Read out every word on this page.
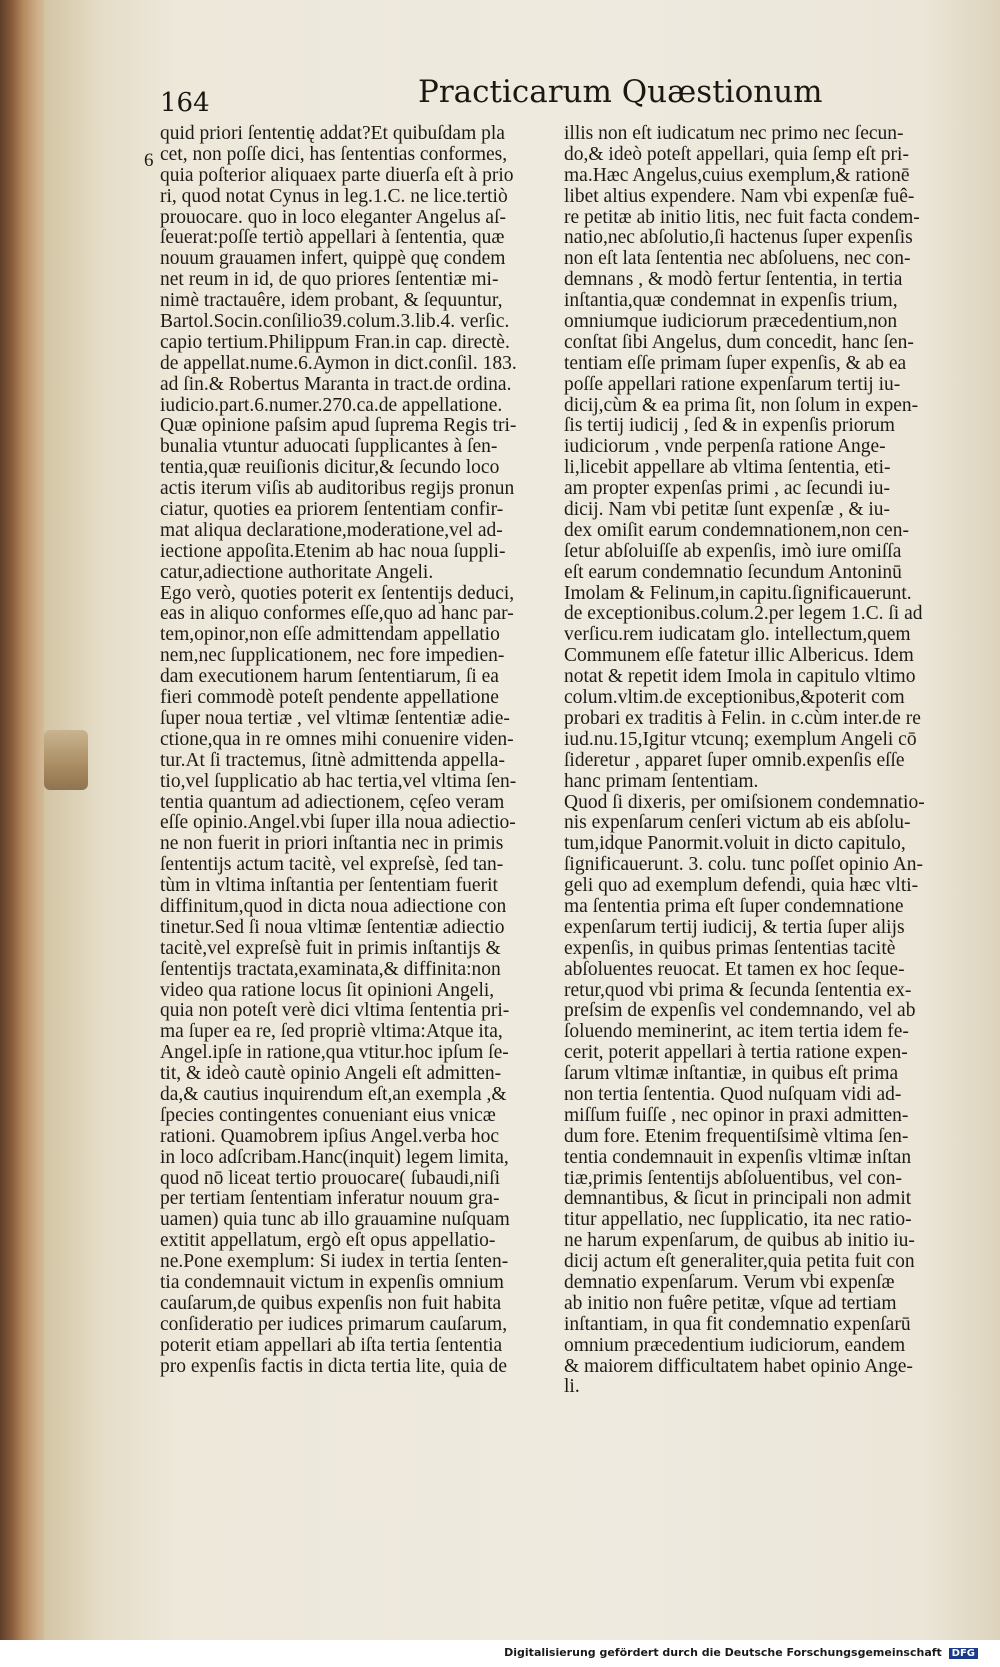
164	Practicarum Quæstionum
6
quid priori ſententię addat?Et quibuſdam pla
cet, non poſſe dici, has ſententias conformes,
quia poſterior aliquaex parte diuerſa eſt à prio
ri, quod notat Cynus in leg.1.C. ne lice.tertiò
prouocare. quo in loco eleganter Angelus aſ-
ſeuerat:poſſe tertiò appellari à ſententia, quæ
nouum grauamen infert, quippè quę condem
net reum in id, de quo priores ſententiæ mi-
nimè tractauêre, idem probant, & ſequuntur,
Bartol.Socin.conſilio39.colum.3.lib.4. verſic.
capio tertium.Philippum Fran.in cap. directè.
de appellat.nume.6.Aymon in dict.conſil. 183.
ad ſin.& Robertus Maranta in tract.de ordina.
iudicio.part.6.numer.270.ca.de appellatione.
Quæ opinione paſsim apud ſuprema Regis tri-
bunalia vtuntur aduocati ſupplicantes à ſen-
tentia,quæ reuiſionis dicitur,& ſecundo loco
actis iterum viſis ab auditoribus regijs pronun
ciatur, quoties ea priorem ſententiam confir-
mat aliqua declaratione,moderatione,vel ad-
iectione appoſita.Etenim ab hac noua ſuppli-
catur,adiectione authoritate Angeli.
Ego verò, quoties poterit ex ſententijs deduci,
eas in aliquo conformes eſſe,quo ad hanc par-
tem,opinor,non eſſe admittendam appellatio
nem,nec ſupplicationem, nec fore impedien-
dam executionem harum ſententiarum, ſi ea
fieri commodè poteſt pendente appellatione
ſuper noua tertiæ , vel vltimæ ſententiæ adie-
ctione,qua in re omnes mihi conuenire viden-
tur.At ſi tractemus, ſitnè admittenda appella-
tio,vel ſupplicatio ab hac tertia,vel vltima ſen-
tentia quantum ad adiectionem, cęſeo veram
eſſe opinio.Angel.vbi ſuper illa noua adiectio-
ne non fuerit in priori inſtantia nec in primis
ſententijs actum tacitè, vel expreſsè, ſed tan-
tùm in vltima inſtantia per ſententiam fuerit
diffinitum,quod in dicta noua adiectione con
tinetur.Sed ſi noua vltimæ ſententiæ adiectio
tacitè,vel expreſsè fuit in primis inſtantijs &
ſententijs tractata,examinata,& diffinita:non
video qua ratione locus ſit opinioni Angeli,
quia non poteſt verè dici vltima ſententia pri-
ma ſuper ea re, ſed propriè vltima:Atque ita,
Angel.ipſe in ratione,qua vtitur.hoc ipſum ſe-
tit, & ideò cautè opinio Angeli eſt admitten-
da,& cautius inquirendum eſt,an exempla ,&
ſpecies contingentes conueniant eius vnicæ
rationi. Quamobrem ipſius Angel.verba hoc
in loco adſcribam.Hanc(inquit) legem limita,
quod nō liceat tertio prouocare( ſubaudi,niſi
per tertiam ſententiam inferatur nouum gra-
uamen) quia tunc ab illo grauamine nuſquam
extitit appellatum, ergò eſt opus appellatio-
ne.Pone exemplum: Si iudex in tertia ſenten-
tia condemnauit victum in expenſis omnium
cauſarum,de quibus expenſis non fuit habita
conſideratio per iudices primarum cauſarum,
poterit etiam appellari ab iſta tertia ſententia
pro expenſis factis in dicta tertia lite, quia de
illis non eſt iudicatum nec primo nec ſecun-
do,& ideò poteſt appellari, quia ſemp eſt pri-
ma.Hæc Angelus,cuius exemplum,& rationē
libet altius expendere. Nam vbi expenſæ fuê-
re petitæ ab initio litis, nec fuit facta condem-
natio,nec abſolutio,ſi hactenus ſuper expenſis
non eſt lata ſententia nec abſoluens, nec con-
demnans , & modò fertur ſententia, in tertia
inſtantia,quæ condemnat in expenſis trium,
omniumque iudiciorum præcedentium,non
conſtat ſibi Angelus, dum concedit, hanc ſen-
tentiam eſſe primam ſuper expenſis, & ab ea
poſſe appellari ratione expenſarum tertij iu-
dicij,cùm & ea prima ſit, non ſolum in expen-
ſis tertij iudicij , ſed & in expenſis priorum
iudiciorum , vnde perpenſa ratione Ange-
li,licebit appellare ab vltima ſententia, eti-
am propter expenſas primi , ac ſecundi iu-
dicij. Nam vbi petitæ ſunt expenſæ , & iu-
dex omiſit earum condemnationem,non cen-
ſetur abſoluiſſe ab expenſis, imò iure omiſſa
eſt earum condemnatio ſecundum Antoninū
Imolam & Felinum,in capitu.ſignificauerunt.
de exceptionibus.colum.2.per legem 1.C. ſi ad
verſicu.rem iudicatam glo. intellectum,quem
Communem eſſe fatetur illic Albericus. Idem
notat & repetit idem Imola in capitulo vltimo
colum.vltim.de exceptionibus,&poterit com
probari ex traditis à Felin. in c.cùm inter.de re
iud.nu.15,Igitur vtcunq; exemplum Angeli cō
ſideretur , apparet ſuper omnib.expenſis eſſe
hanc primam ſententiam.
Quod ſi dixeris, per omiſsionem condemnatio-
nis expenſarum cenſeri victum ab eis abſolu-
tum,idque Panormit.voluit in dicto capitulo,
ſignificauerunt. 3. colu. tunc poſſet opinio An-
geli quo ad exemplum defendi, quia hæc vlti-
ma ſententia prima eſt ſuper condemnatione
expenſarum tertij iudicij, & tertia ſuper alijs
expenſis, in quibus primas ſententias tacitè
abſoluentes reuocat. Et tamen ex hoc ſeque-
retur,quod vbi prima & ſecunda ſententia ex-
preſsim de expenſis vel condemnando, vel ab
ſoluendo meminerint, ac item tertia idem fe-
cerit, poterit appellari à tertia ratione expen-
ſarum vltimæ inſtantiæ, in quibus eſt prima
non tertia ſententia. Quod nuſquam vidi ad-
miſſum fuiſſe , nec opinor in praxi admitten-
dum fore. Etenim frequentiſsimè vltima ſen-
tentia condemnauit in expenſis vltimæ inſtan
tiæ,primis ſententijs abſoluentibus, vel con-
demnantibus, & ſicut in principali non admit
titur appellatio, nec ſupplicatio, ita nec ratio-
ne harum expenſarum, de quibus ab initio iu-
dicij actum eſt generaliter,quia petita fuit con
demnatio expenſarum. Verum vbi expenſæ
ab initio non fuêre petitæ, vſque ad tertiam
inſtantiam, in qua fit condemnatio expenſarū
omnium præcedentium iudiciorum, eandem
& maiorem difficultatem habet opinio Ange-
li.
Digitalisierung gefördert durch die Deutsche Forschungsgemeinschaft DFG
